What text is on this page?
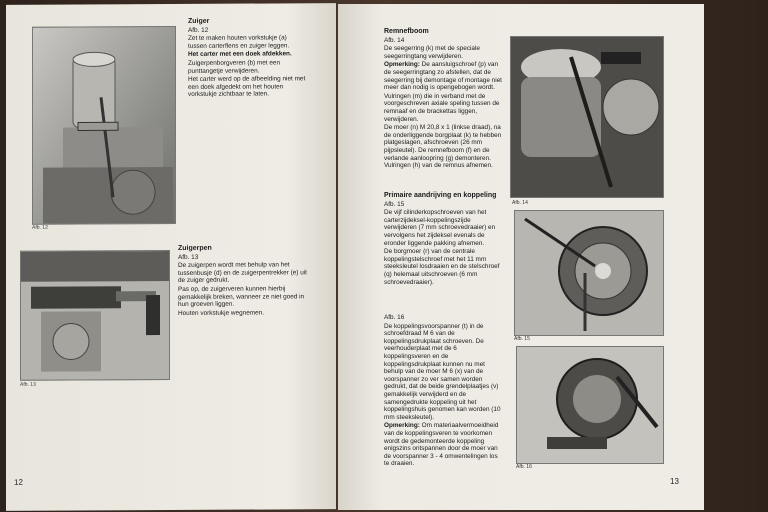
Afb. 12

Zuiger

Afb. 12

Zet te maken houten vorkstukje (a) tussen carterflens en zuiger leggen.

Het carter met een doek afdekken.

Zuigerpenborgveren (b) met een punttangetje verwijderen.

Het carter werd op de afbeelding niet met een doek afgedekt om het houten vorkstukje zichtbaar te laten.

Afb. 13

Zuigerpen

Afb. 13

De zuigerpen wordt met behulp van het tussenbusje (d) en de zuigerpentrekker (e) uit de zuiger gedrukt.

Pas op, de zuigerveren kunnen hierbij gemakkelijk breken, wanneer ze niet goed in hun groeven liggen.

Houten vorkstukje wegnemen.

12

Remnefboom

Afb. 14

De seegerring (k) met de speciale seegerringtang verwijderen.

Opmerking: De aansluigschroef (p) van de seegerringtang zo afstellen, dat de seegerring bij demontage of montage niet meer dan nodig is opengebogen wordt.

Vulringen (m) die in verband met de voorgeschreven axiale speling tussen de remnaaf en de brackettas liggen, verwijderen.

De moer (n) M 20,8 x 1 (linkse draad), na de onderliggende borgplaat (k) te hebben platgeslagen, afschroeven (26 mm pijpsleutel). De remnefboom (f) en de verlande aanloopring (g) demonteren. Vulringen (h) van de remnus afnemen.

Primaire aandrijving en koppeling

Afb. 15

De vijf cilinderkopschroeven van het carterzijdeksel-koppelingszijde verwijderen (7 mm schroevedraaier) en vervolgens het zijdeksel evenals de eronder liggende pakking afnemen.

De borgmoer (r) van de centrale koppelingstelschroef met het 11 mm steeksleutel losdraaien en de stelschroef (q) helemaal uitschroeven (6 mm schroevedraaier).

Afb. 16

De koppelingsvoorspanner (t) in de schroefdraad M 6 van de koppelingsdrukplaat schroeven. De veerhouderplaat met de 6 koppelingsveren en de koppelingsdrukplaat kunnen nu met behulp van de moer M 6 (x) van de voorspanner zo ver samen worden gedrukt, dat de beide grendelplaatjes (v) gemakkelijk verwijderd en de samengedrukte koppeling uit het koppelingshuis genomen kan worden (10 mm steeksleutel).

Opmerking: Om materiaalvermoeidheid van de koppelingsveren te voorkomen wordt de gedemonteerde koppeling enigszins ontspannen door de moer van de voorspanner 3 - 4 omwentelingen los te draaien.

Afb. 14
Afb. 15
Afb. 16
13
